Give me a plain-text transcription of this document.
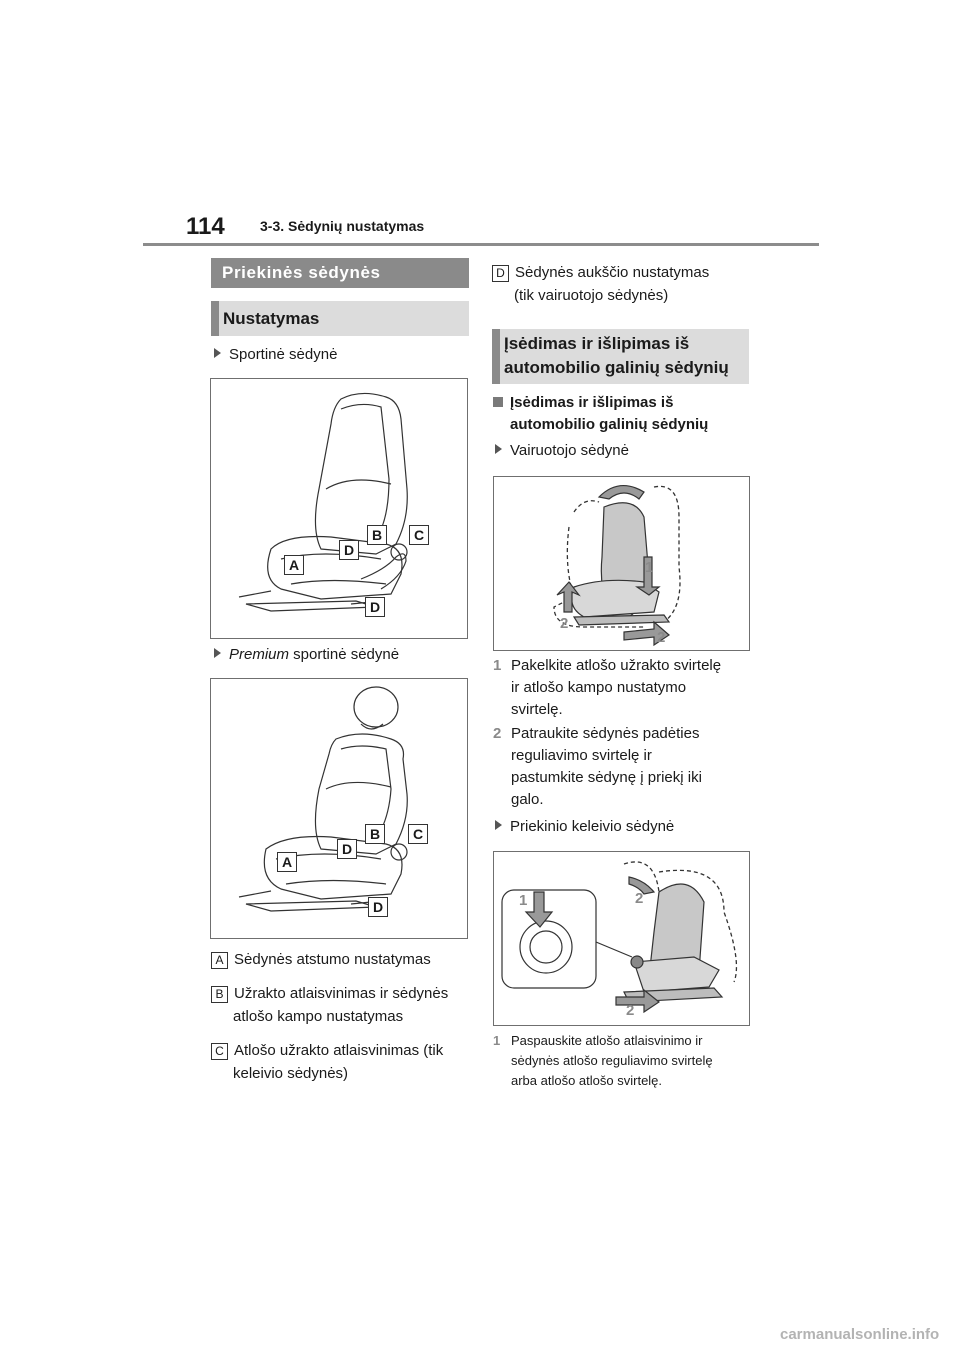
114	3-3. Sėdynių nustatymas
Priekinės sėdynės
Nustatymas
Sportinė sėdynė
A
B	C
D
D
Premium sportinė sėdynė
A
B	C
D
D
A Sėdynės atstumo nustatymas
B Užrakto atlaisvinimas ir sėdynės
atlošo kampo nustatymas
C Atlošo užrakto atlaisvinimas (tik
keleivio sėdynės)
D Sėdynės aukščio nustatymas
(tik vairuotojo sėdynės)
Įsėdimas ir išlipimas iš
automobilio galinių sėdynių
Įsėdimas ir išlipimas iš
automobilio galinių sėdynių
Vairuotojo sėdynė
1
2
2
1 Pakelkite atlošo užrakto svirtelę
ir atlošo kampo nustatymo
svirtelę.
2 Patraukite sėdynės padėties
reguliavimo svirtelę ir
pastumkite sėdynę į priekį iki
galo.
Priekinio keleivio sėdynė
1	2
2
1 Paspauskite atlošo atlaisvinimo ir
sėdynės atlošo reguliavimo svirtelę
arba atlošo atlošo svirtelę.
carmanualsonline.info
